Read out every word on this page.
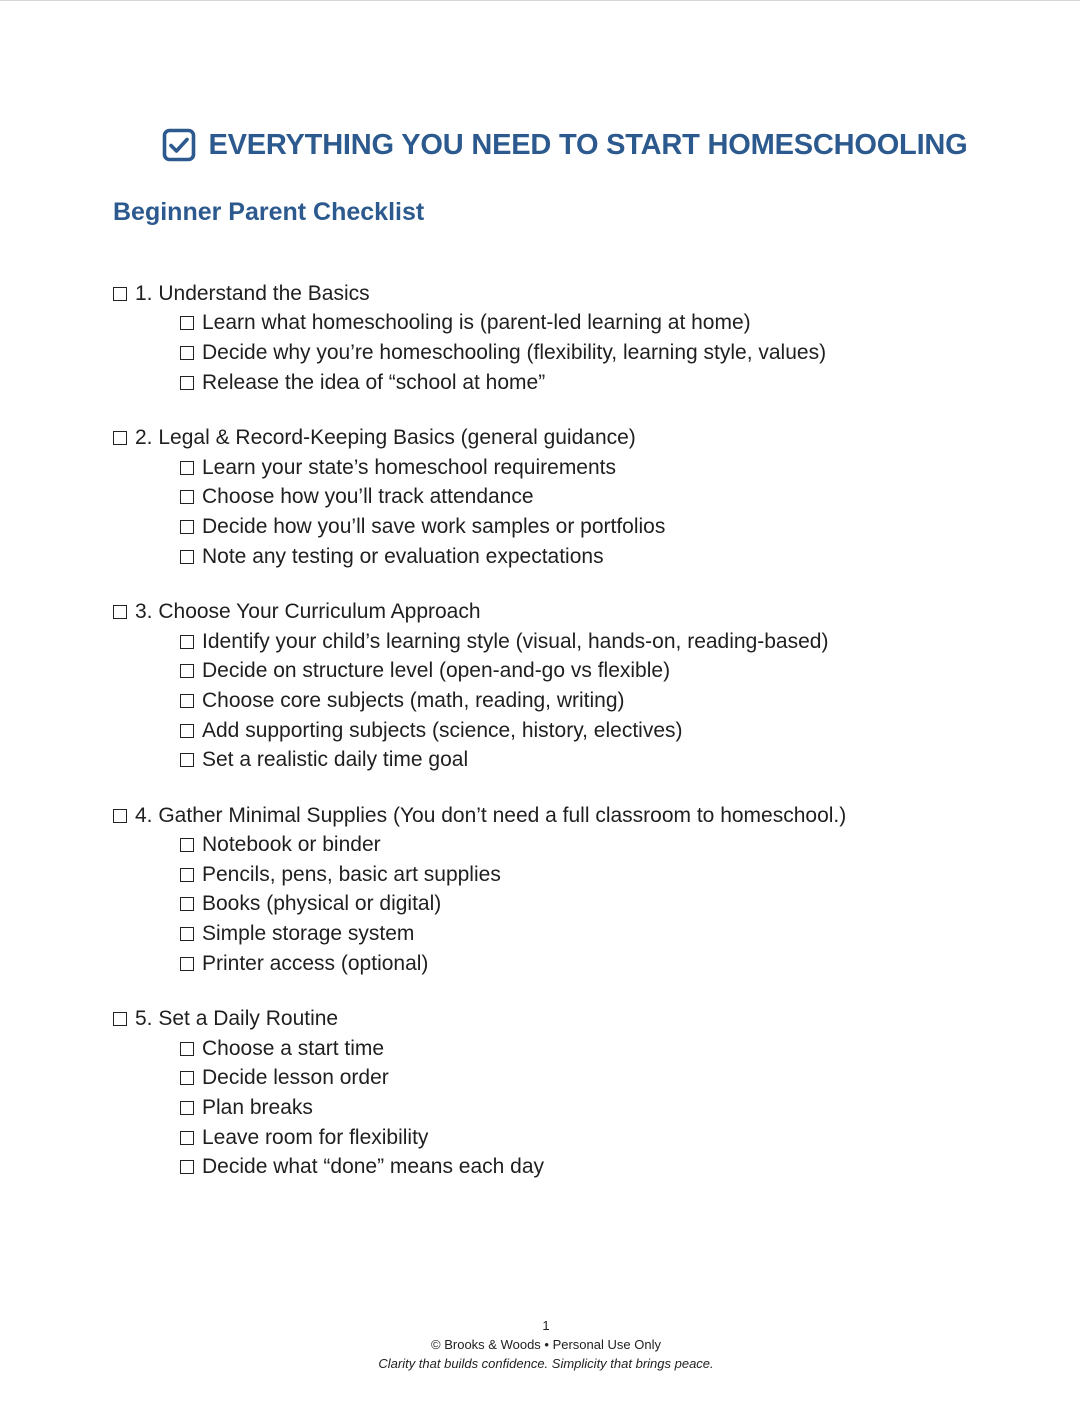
EVERYTHING YOU NEED TO START HOMESCHOOLING
Beginner Parent Checklist
1. Understand the Basics
Learn what homeschooling is (parent-led learning at home)
Decide why you’re homeschooling (flexibility, learning style, values)
Release the idea of “school at home”
2. Legal & Record-Keeping Basics (general guidance)
Learn your state’s homeschool requirements
Choose how you’ll track attendance
Decide how you’ll save work samples or portfolios
Note any testing or evaluation expectations
3. Choose Your Curriculum Approach
Identify your child’s learning style (visual, hands-on, reading-based)
Decide on structure level (open-and-go vs flexible)
Choose core subjects (math, reading, writing)
Add supporting subjects (science, history, electives)
Set a realistic daily time goal
4. Gather Minimal Supplies (You don’t need a full classroom to homeschool.)
Notebook or binder
Pencils, pens, basic art supplies
Books (physical or digital)
Simple storage system
Printer access (optional)
5. Set a Daily Routine
Choose a start time
Decide lesson order
Plan breaks
Leave room for flexibility
Decide what “done” means each day
1
© Brooks & Woods • Personal Use Only
Clarity that builds confidence. Simplicity that brings peace.
